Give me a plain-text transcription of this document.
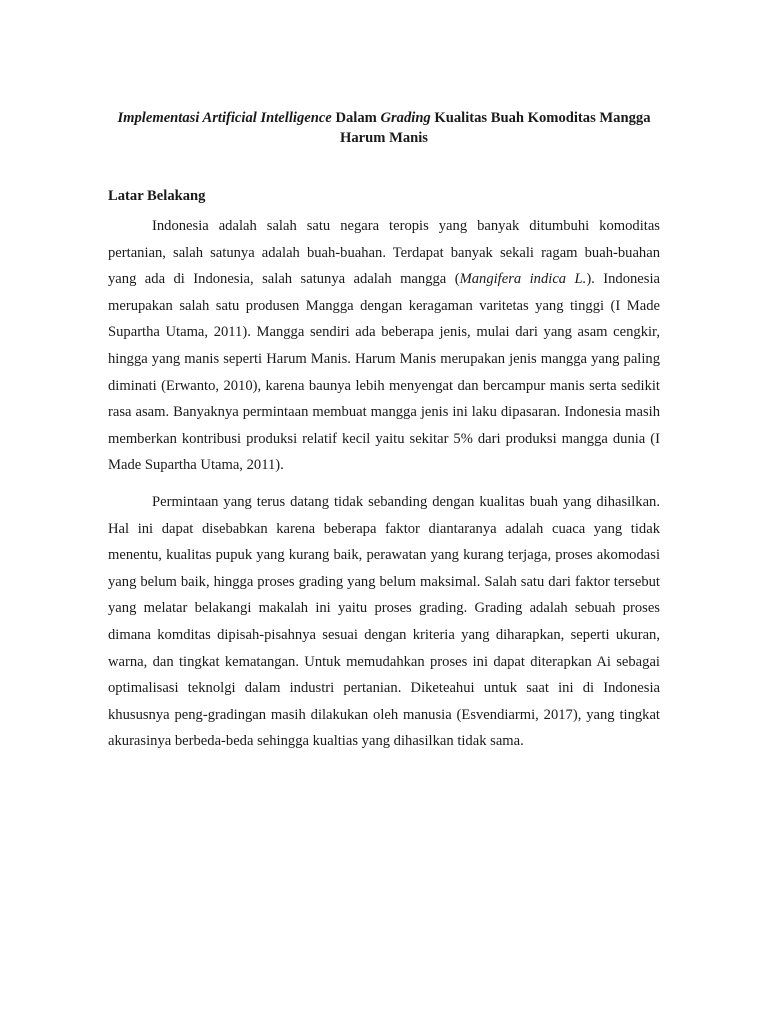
Implementasi Artificial Intelligence Dalam Grading Kualitas Buah Komoditas Mangga Harum Manis
Latar Belakang

Indonesia adalah salah satu negara teropis yang banyak ditumbuhi komoditas pertanian, salah satunya adalah buah-buahan. Terdapat banyak sekali ragam buah-buahan yang ada di Indonesia, salah satunya adalah mangga (Mangifera indica L.). Indonesia merupakan salah satu produsen Mangga dengan keragaman varitetas yang tinggi (I Made Supartha Utama, 2011). Mangga sendiri ada beberapa jenis, mulai dari yang asam cengkir, hingga yang manis seperti Harum Manis. Harum Manis merupakan jenis mangga yang paling diminati (Erwanto, 2010), karena baunya lebih menyengat dan bercampur manis serta sedikit rasa asam. Banyaknya permintaan membuat mangga jenis ini laku dipasaran. Indonesia masih memberkan kontribusi produksi relatif kecil yaitu sekitar 5% dari produksi mangga dunia (I Made Supartha Utama, 2011).

Permintaan yang terus datang tidak sebanding dengan kualitas buah yang dihasilkan. Hal ini dapat disebabkan karena beberapa faktor diantaranya adalah cuaca yang tidak menentu, kualitas pupuk yang kurang baik, perawatan yang kurang terjaga, proses akomodasi yang belum baik, hingga proses grading yang belum maksimal. Salah satu dari faktor tersebut yang melatar belakangi makalah ini yaitu proses grading. Grading adalah sebuah proses dimana komditas dipisah-pisahnya sesuai dengan kriteria yang diharapkan, seperti ukuran, warna, dan tingkat kematangan. Untuk memudahkan proses ini dapat diterapkan Ai sebagai optimalisasi teknolgi dalam industri pertanian. Diketeahui untuk saat ini di Indonesia khususnya peng-gradingan masih dilakukan oleh manusia (Esvendiarmi, 2017), yang tingkat akurasinya berbeda-beda sehingga kualtias yang dihasilkan tidak sama.
